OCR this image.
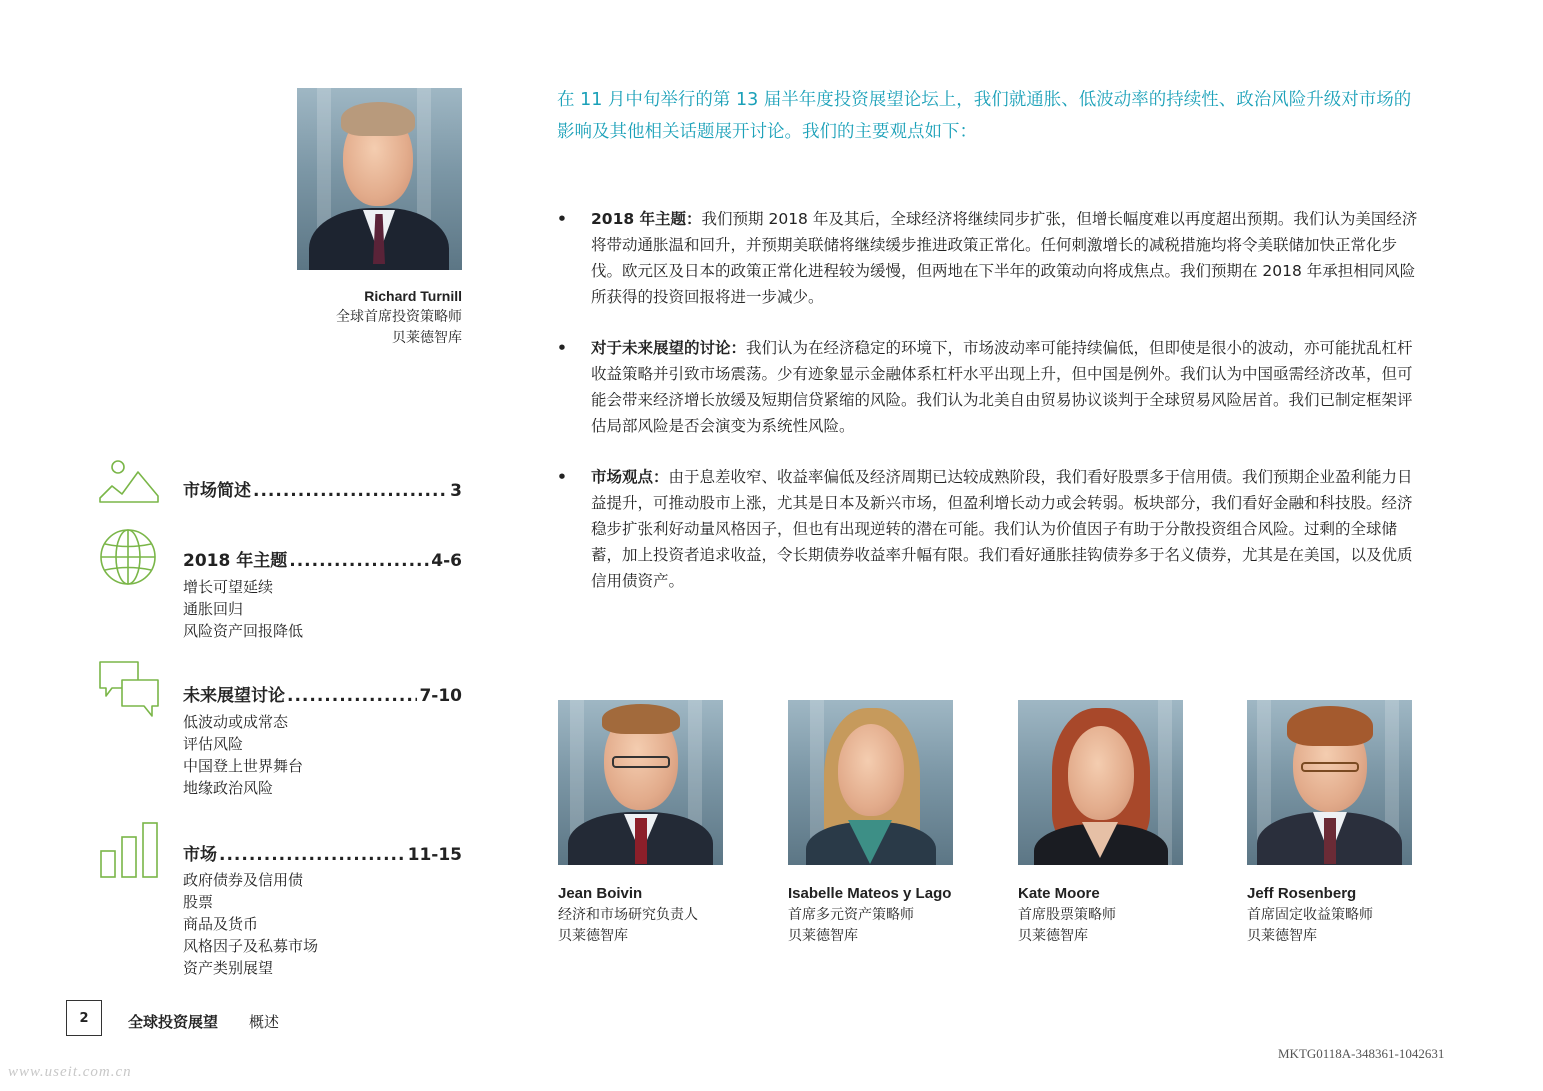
Richard Turnill
全球首席投资策略师
贝莱德智库
在 11 月中旬举行的第 13 届半年度投资展望论坛上，我们就通胀、低波动率的持续性、政治风险升级对市场的影响及其他相关话题展开讨论。我们的主要观点如下：
• 2018 年主题：我们预期 2018 年及其后，全球经济将继续同步扩张，但增长幅度难以再度超出预期。我们认为美国经济将带动通胀温和回升，并预期美联储将继续缓步推进政策正常化。任何刺激增长的减税措施均将令美联储加快正常化步伐。欧元区及日本的政策正常化进程较为缓慢，但两地在下半年的政策动向将成焦点。我们预期在 2018 年承担相同风险所获得的投资回报将进一步减少。
• 对于未来展望的讨论：我们认为在经济稳定的环境下，市场波动率可能持续偏低，但即使是很小的波动，亦可能扰乱杠杆收益策略并引致市场震荡。少有迹象显示金融体系杠杆水平出现上升，但中国是例外。我们认为中国亟需经济改革，但可能会带来经济增长放缓及短期信贷紧缩的风险。我们认为北美自由贸易协议谈判于全球贸易风险居首。我们已制定框架评估局部风险是否会演变为系统性风险。
• 市场观点：由于息差收窄、收益率偏低及经济周期已达较成熟阶段，我们看好股票多于信用债。我们预期企业盈利能力日益提升，可推动股市上涨，尤其是日本及新兴市场，但盈利增长动力或会转弱。板块部分，我们看好金融和科技股。经济稳步扩张利好动量风格因子，但也有出现逆转的潜在可能。我们认为价值因子有助于分散投资组合风险。过剩的全球储蓄，加上投资者追求收益，令长期债券收益率升幅有限。我们看好通胀挂钩债券多于名义债券，尤其是在美国，以及优质信用债资产。
市场简述 .....	3
2018 年主题 .....	4-6
增长可望延续
通胀回归
风险资产回报降低
未来展望讨论 .....	7-10
低波动或成常态
评估风险
中国登上世界舞台
地缘政治风险
市场 .....	11-15
政府债券及信用债
股票
商品及货币
风格因子及私募市场
资产类别展望
Jean Boivin
经济和市场研究负责人
贝莱德智库
Isabelle Mateos y Lago
首席多元资产策略师
贝莱德智库
Kate Moore
首席股票策略师
贝莱德智库
Jeff Rosenberg
首席固定收益策略师
贝莱德智库
2	全球投资展望 概述
MKTG0118A-348361-1042631
www.useit.com.cn
